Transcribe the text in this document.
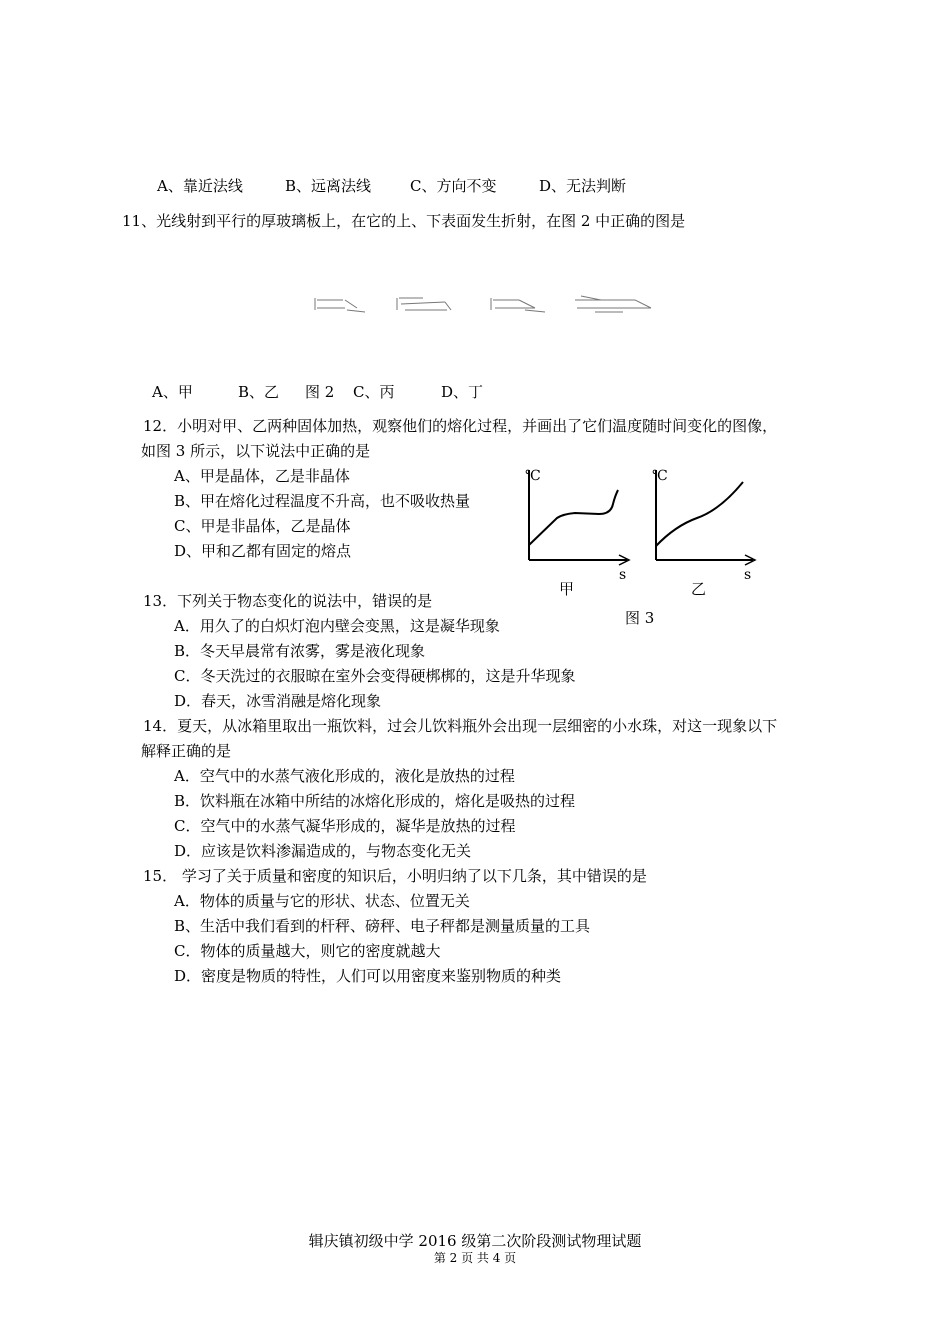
A、靠近法线	B、远离法线	C、方向不变	D、无法判断
11、光线射到平行的厚玻璃板上，在它的上、下表面发生折射，在图 2 中正确的图是
A、甲	B、乙 图 2 C、丙	D、丁
12．小明对甲、乙两种固体加热，观察他们的熔化过程，并画出了它们温度随时间变化的图像，
如图 3 所示，以下说法中正确的是
A、甲是晶体，乙是非晶体
B、甲在熔化过程温度不升高，也不吸收热量
C、甲是非晶体，乙是晶体
D、甲和乙都有固定的熔点
℃
s
甲
℃
s
乙
图 3
13．下列关于物态变化的说法中，错误的是
A．用久了的白炽灯泡内壁会变黑，这是凝华现象
B．冬天早晨常有浓雾，雾是液化现象
C．冬天洗过的衣服晾在室外会变得硬梆梆的，这是升华现象
D．春天，冰雪消融是熔化现象
14．夏天，从冰箱里取出一瓶饮料，过会儿饮料瓶外会出现一层细密的小水珠，对这一现象以下
解释正确的是
A．空气中的水蒸气液化形成的，液化是放热的过程
B．饮料瓶在冰箱中所结的冰熔化形成的，熔化是吸热的过程
C．空气中的水蒸气凝华形成的，凝华是放热的过程
D．应该是饮料渗漏造成的，与物态变化无关
15． 学习了关于质量和密度的知识后，小明归纳了以下几条，其中错误的是
A．物体的质量与它的形状、状态、位置无关
B、生活中我们看到的杆秤、磅秤、电子秤都是测量质量的工具
C．物体的质量越大，则它的密度就越大
D．密度是物质的特性，人们可以用密度来鉴别物质的种类
辑庆镇初级中学 2016 级第二次阶段测试物理试题
第 2 页 共 4 页
